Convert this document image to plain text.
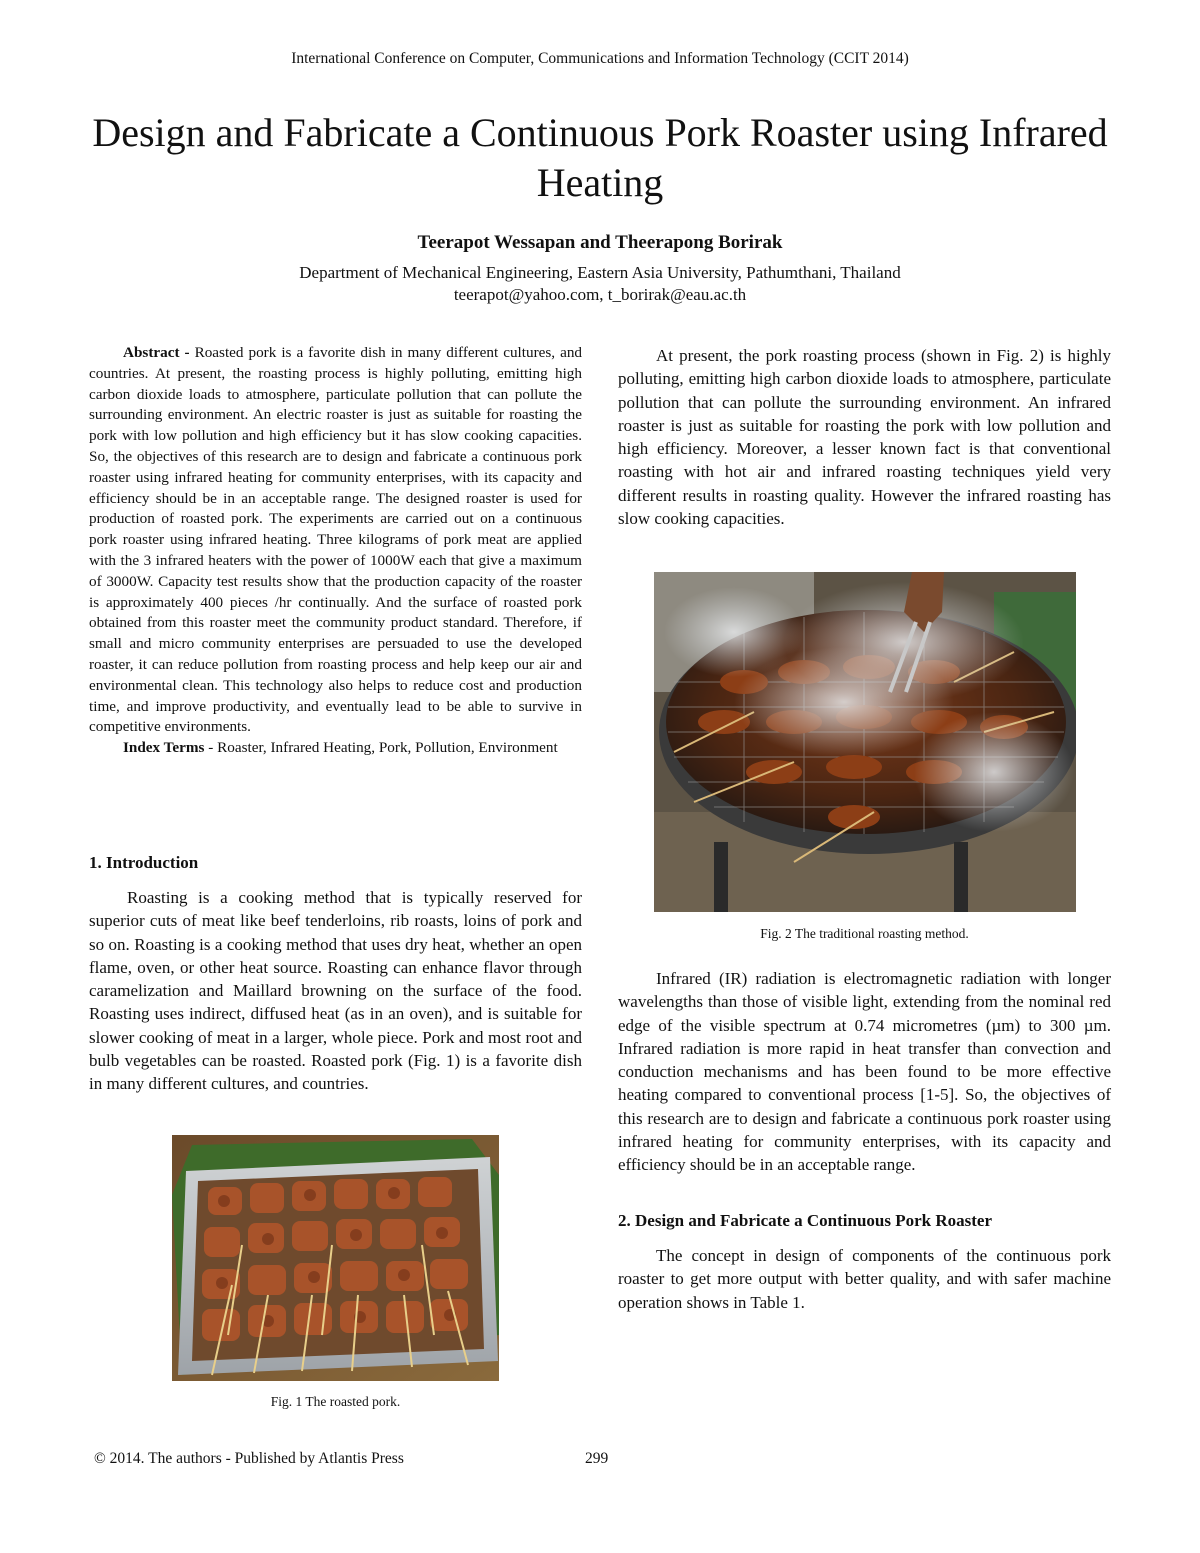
International Conference on Computer, Communications and Information Technology (CCIT 2014)
Design and Fabricate a Continuous Pork Roaster using Infrared Heating
Teerapot Wessapan and Theerapong Borirak
Department of Mechanical Engineering, Eastern Asia University, Pathumthani, Thailand
teerapot@yahoo.com, t_borirak@eau.ac.th

Abstract - Roasted pork is a favorite dish in many different cultures, and countries. At present, the roasting process is highly polluting, emitting high carbon dioxide loads to atmosphere, particulate pollution that can pollute the surrounding environment. An electric roaster is just as suitable for roasting the pork with low pollution and high efficiency but it has slow cooking capacities. So, the objectives of this research are to design and fabricate a continuous pork roaster using infrared heating for community enterprises, with its capacity and efficiency should be in an acceptable range. The designed roaster is used for production of roasted pork. The experiments are carried out on a continuous pork roaster using infrared heating. Three kilograms of pork meat are applied with the 3 infrared heaters with the power of 1000W each that give a maximum of 3000W. Capacity test results show that the production capacity of the roaster is approximately 400 pieces /hr continually. And the surface of roasted pork obtained from this roaster meet the community product standard. Therefore, if small and micro community enterprises are persuaded to use the developed roaster, it can reduce pollution from roasting process and help keep our air and environmental clean. This technology also helps to reduce cost and production time, and improve productivity, and eventually lead to be able to survive in competitive environments.

Index Terms - Roaster, Infrared Heating, Pork, Pollution, Environment

1. Introduction

Roasting is a cooking method that is typically reserved for superior cuts of meat like beef tenderloins, rib roasts, loins of pork and so on. Roasting is a cooking method that uses dry heat, whether an open flame, oven, or other heat source. Roasting can enhance flavor through caramelization and Maillard browning on the surface of the food. Roasting uses indirect, diffused heat (as in an oven), and is suitable for slower cooking of meat in a larger, whole piece. Pork and most root and bulb vegetables can be roasted. Roasted pork (Fig. 1) is a favorite dish in many different cultures, and countries.

Fig. 1 The roasted pork.

At present, the pork roasting process (shown in Fig. 2) is highly polluting, emitting high carbon dioxide loads to atmosphere, particulate pollution that can pollute the surrounding environment. An infrared roaster is just as suitable for roasting the pork with low pollution and high efficiency. Moreover, a lesser known fact is that conventional roasting with hot air and infrared roasting techniques yield very different results in roasting quality. However the infrared roasting has slow cooking capacities.

Fig. 2 The traditional roasting method.

Infrared (IR) radiation is electromagnetic radiation with longer wavelengths than those of visible light, extending from the nominal red edge of the visible spectrum at 0.74 micrometres (µm) to 300 µm. Infrared radiation is more rapid in heat transfer than convection and conduction mechanisms and has been found to be more effective heating compared to conventional process [1-5]. So, the objectives of this research are to design and fabricate a continuous pork roaster using infrared heating for community enterprises, with its capacity and efficiency should be in an acceptable range.

2. Design and Fabricate a Continuous Pork Roaster

The concept in design of components of the continuous pork roaster to get more output with better quality, and with safer machine operation shows in Table 1.

© 2014. The authors - Published by Atlantis Press	299
